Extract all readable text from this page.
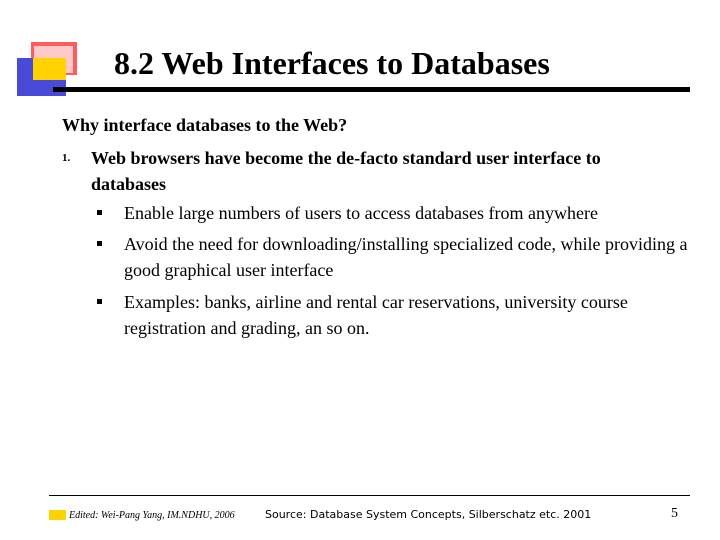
8.2 Web Interfaces to Databases
Why interface databases to the Web?
1. Web browsers have become the de-facto standard user interface to databases
Enable large numbers of users to access databases from anywhere
Avoid the need for downloading/installing specialized code, while providing a good graphical user interface
Examples: banks, airline and rental car reservations, university course registration and grading, an so on.
Edited: Wei-Pang Yang, IM.NDHU, 2006	Source: Database System Concepts, Silberschatz etc. 2001	5
